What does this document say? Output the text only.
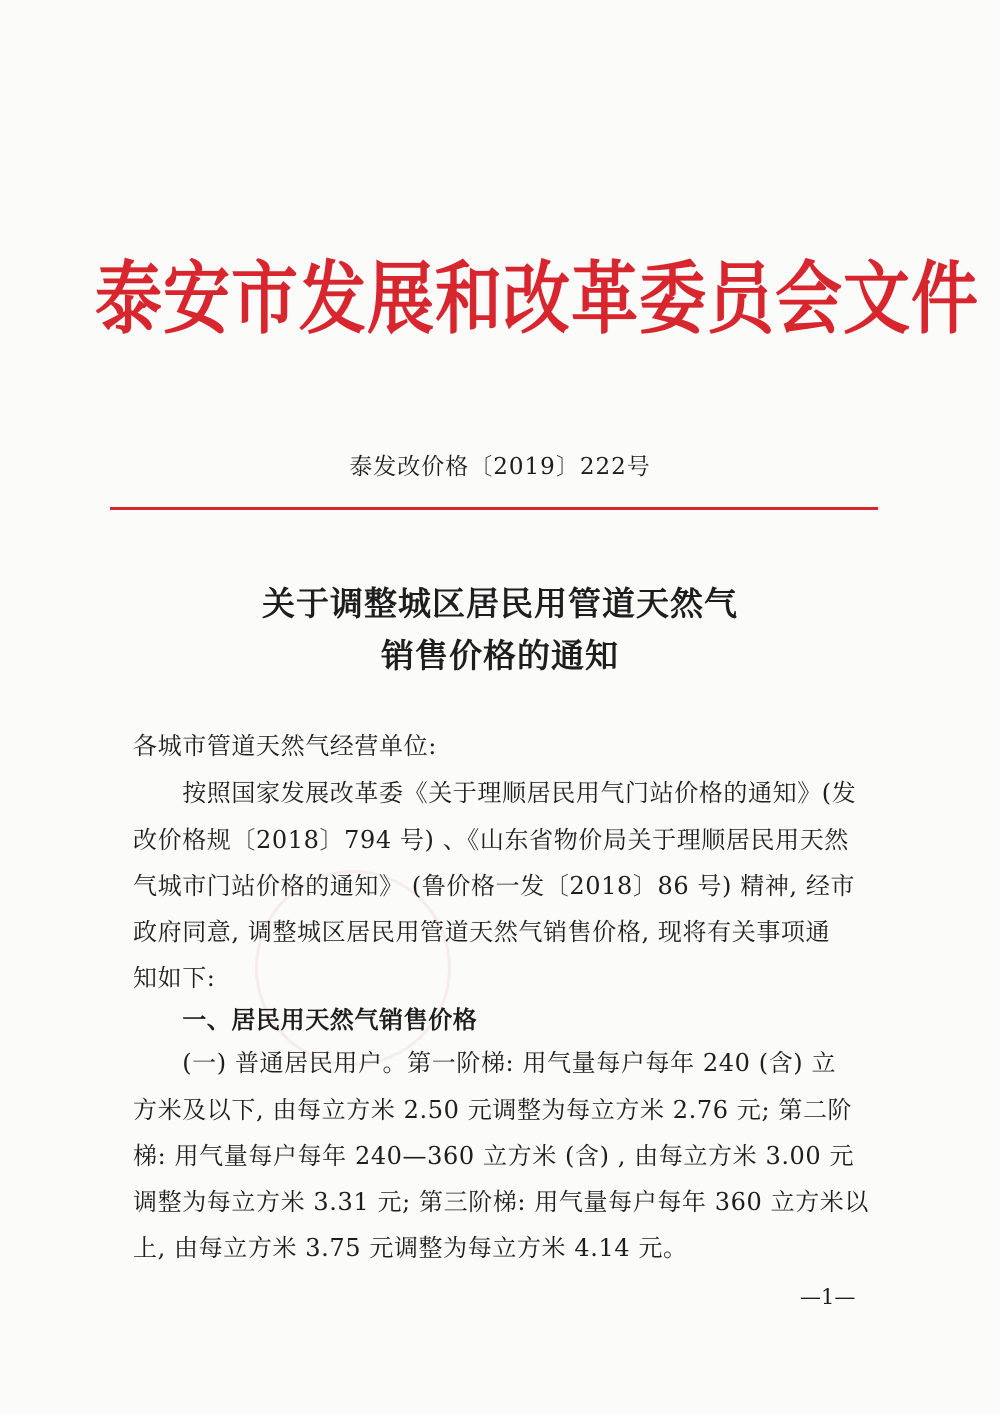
泰安市发展和改革委员会文件
泰发改价格〔2019〕222号
关于调整城区居民用管道天然气
销售价格的通知
各城市管道天然气经营单位:
　　按照国家发展改革委《关于理顺居民用气门站价格的通知》(发
改价格规〔2018〕794 号) 、《山东省物价局关于理顺居民用天然
气城市门站价格的通知》 (鲁价格一发〔2018〕86 号) 精神, 经市
政府同意, 调整城区居民用管道天然气销售价格, 现将有关事项通
知如下:
　　一、居民用天然气销售价格
　　(一) 普通居民用户。第一阶梯: 用气量每户每年 240 (含) 立
方米及以下, 由每立方米 2.50 元调整为每立方米 2.76 元; 第二阶
梯: 用气量每户每年 240—360 立方米 (含) , 由每立方米 3.00 元
调整为每立方米 3.31 元; 第三阶梯: 用气量每户每年 360 立方米以
上, 由每立方米 3.75 元调整为每立方米 4.14 元。
—1—
